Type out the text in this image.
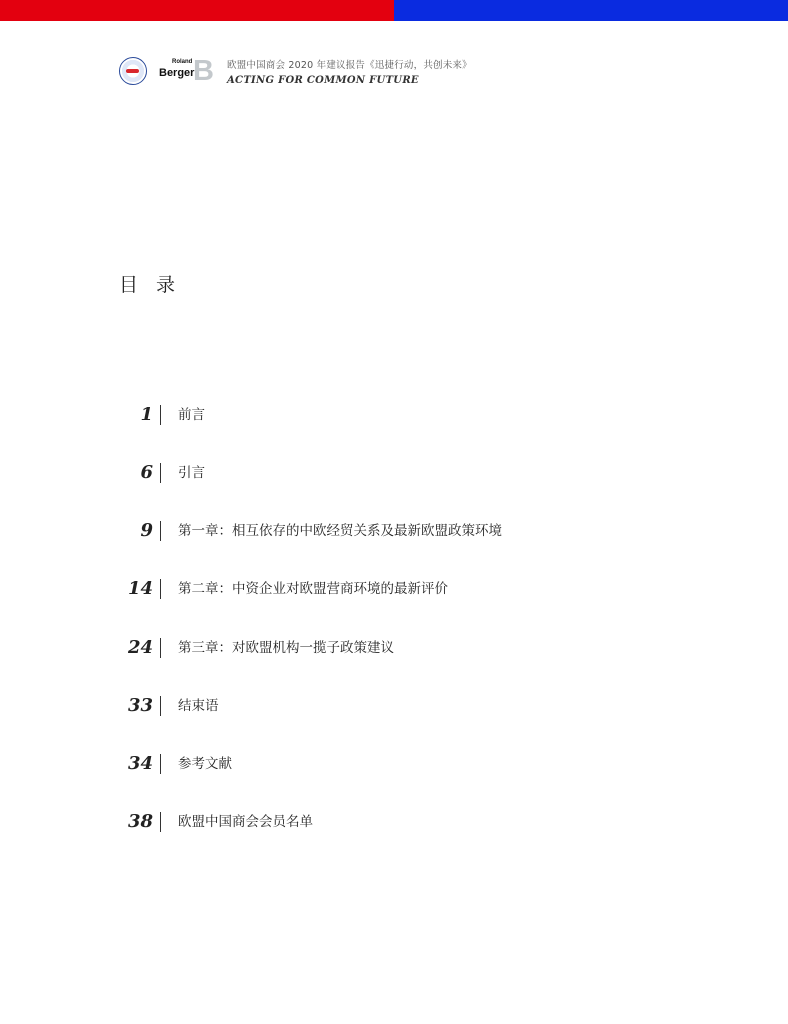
Roland
Berger
B 欧盟中国商会 2020 年建议报告《迅捷行动，共创未来》
ACTING FOR COMMON FUTURE
目 录
1 前言
6 引言
9 第一章：相互依存的中欧经贸关系及最新欧盟政策环境
14 第二章：中资企业对欧盟营商环境的最新评价
24 第三章：对欧盟机构一揽子政策建议
33 结束语
34 参考文献
38 欧盟中国商会会员名单
